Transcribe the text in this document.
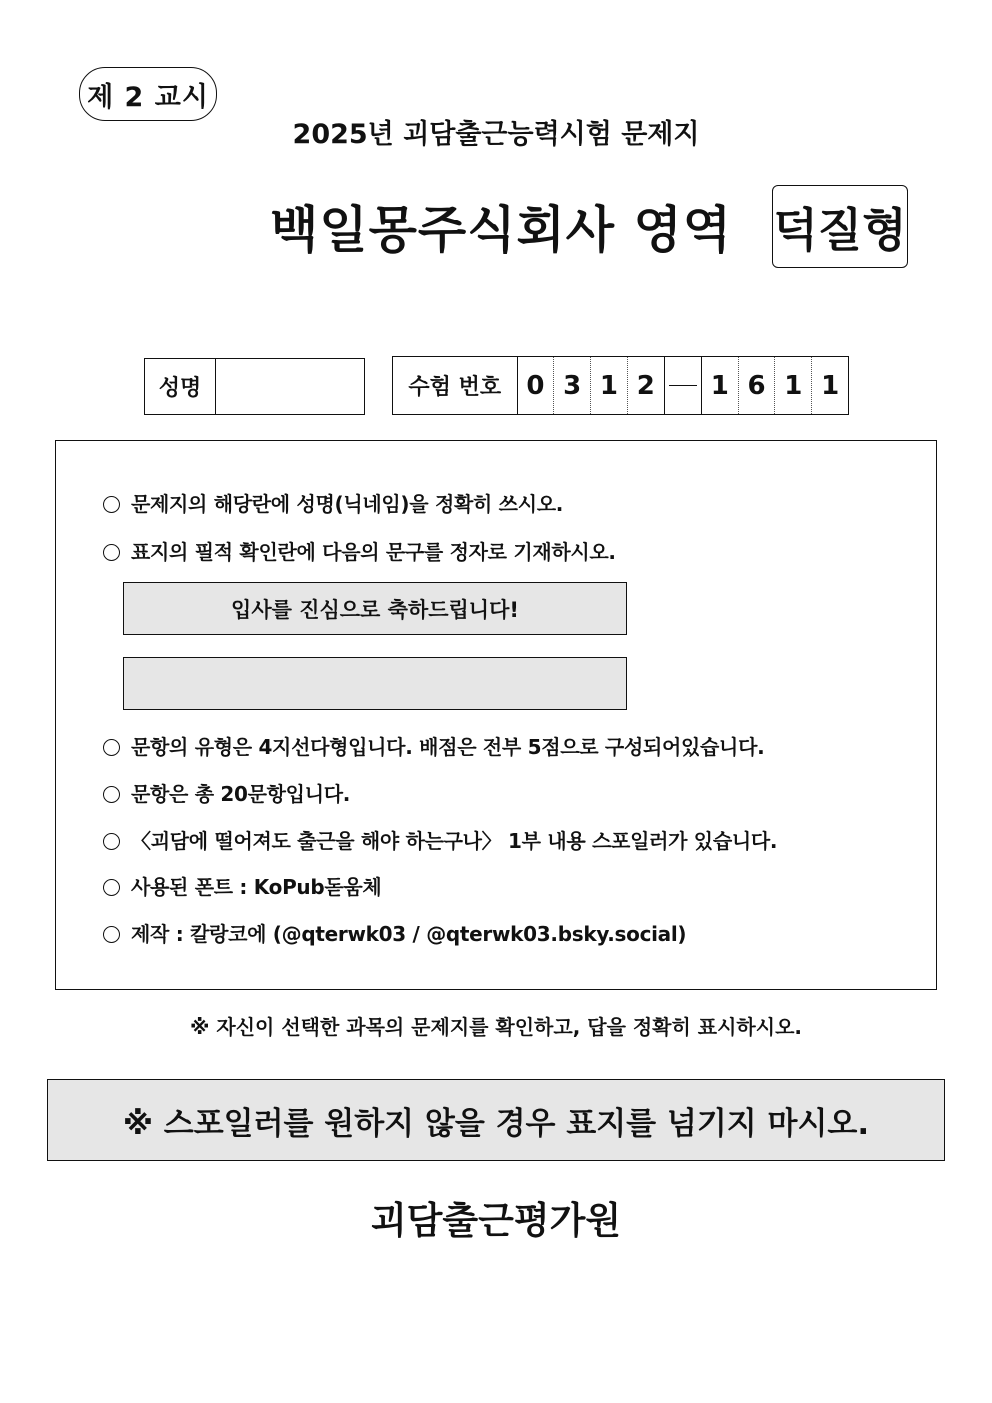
제 2 교시
2025년 괴담출근능력시험 문제지
백일몽주식회사 영역 덕질형
성명	수험 번호 0 3 1 2	1 6 1 1
문제지의 해당란에 성명(닉네임)을 정확히 쓰시오.
표지의 필적 확인란에 다음의 문구를 정자로 기재하시오.
입사를 진심으로 축하드립니다!
문항의 유형은 4지선다형입니다. 배점은 전부 5점으로 구성되어있습니다.
문항은 총 20문항입니다.
〈괴담에 떨어져도 출근을 해야 하는구나〉 1부 내용 스포일러가 있습니다.
사용된 폰트 : KoPub돋움체
제작 : 칼랑코에 (@qterwk03 / @qterwk03.bsky.social)
※ 자신이 선택한 과목의 문제지를 확인하고, 답을 정확히 표시하시오.
※ 스포일러를 원하지 않을 경우 표지를 넘기지 마시오.
괴담출근평가원
